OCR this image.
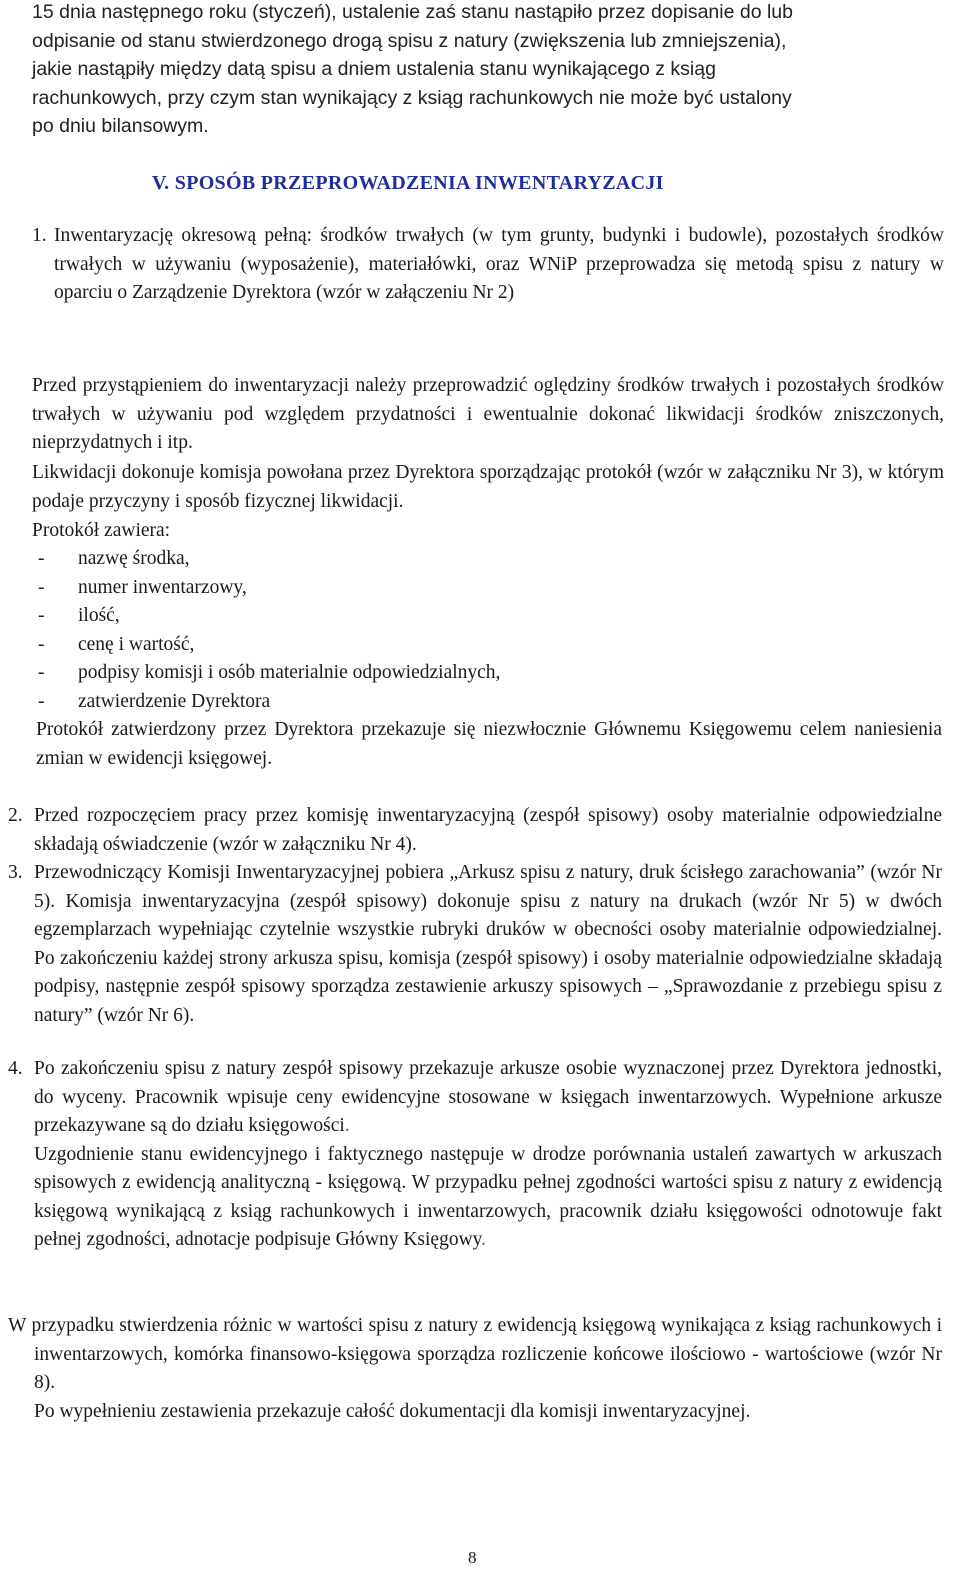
15 dnia następnego roku (styczeń), ustalenie zaś stanu nastąpiło przez dopisanie do lub
odpisanie od stanu stwierdzonego drogą spisu z natury (zwiększenia lub zmniejszenia),
jakie nastąpiły między datą spisu a dniem ustalenia stanu wynikającego z ksiąg
rachunkowych, przy czym stan wynikający z ksiąg rachunkowych nie może być ustalony
po dniu bilansowym.
V. SPOSÓB PRZEPROWADZENIA INWENTARYZACJI
1. Inwentaryzację okresową pełną: środków trwałych (w tym grunty, budynki i budowle), pozostałych środków trwałych w używaniu (wyposażenie), materiałówki, oraz WNiP przeprowadza się metodą spisu z natury w oparciu o Zarządzenie Dyrektora (wzór w załączeniu Nr 2)

Przed przystąpieniem do inwentaryzacji należy przeprowadzić oględziny środków trwałych i pozostałych środków trwałych w używaniu pod względem przydatności i ewentualnie dokonać likwidacji środków zniszczonych, nieprzydatnych i itp.
Likwidacji dokonuje komisja powołana przez Dyrektora sporządzając protokół (wzór w załączniku Nr 3), w którym podaje przyczyny i sposób fizycznej likwidacji.
Protokół zawiera:
-	nazwę środka,
-	numer inwentarzowy,
-	ilość,
-	cenę i wartość,
-	podpisy komisji i osób materialnie odpowiedzialnych,
-	zatwierdzenie Dyrektora
Protokół zatwierdzony przez Dyrektora przekazuje się niezwłocznie Głównemu Księgowemu celem naniesienia zmian w ewidencji księgowej.
2. Przed rozpoczęciem pracy przez komisję inwentaryzacyjną (zespół spisowy) osoby materialnie odpowiedzialne składają oświadczenie (wzór w załączniku Nr 4).

3. Przewodniczący Komisji Inwentaryzacyjnej pobiera „Arkusz spisu z natury, druk ścisłego zarachowania” (wzór Nr 5). Komisja inwentaryzacyjna (zespół spisowy) dokonuje spisu z natury na drukach (wzór Nr 5) w dwóch egzemplarzach wypełniając czytelnie wszystkie rubryki druków w obecności osoby materialnie odpowiedzialnej. Po zakończeniu każdej strony arkusza spisu, komisja (zespół spisowy) i osoby materialnie odpowiedzialne składają podpisy, następnie zespół spisowy sporządza zestawienie arkuszy spisowych – „Sprawozdanie z przebiegu spisu z natury” (wzór Nr 6).

4. Po zakończeniu spisu z natury zespół spisowy przekazuje arkusze osobie wyznaczonej przez Dyrektora jednostki, do wyceny. Pracownik wpisuje ceny ewidencyjne stosowane w księgach inwentarzowych. Wypełnione arkusze przekazywane są do działu księgowości.

Uzgodnienie stanu ewidencyjnego i faktycznego następuje w drodze porównania ustaleń zawartych w arkuszach spisowych z ewidencją analityczną - księgową. W przypadku pełnej zgodności wartości spisu z natury z ewidencją księgową wynikającą z ksiąg rachunkowych i inwentarzowych, pracownik działu księgowości odnotowuje fakt pełnej zgodności, adnotacje podpisuje Główny Księgowy.

W przypadku stwierdzenia różnic w wartości spisu z natury z ewidencją księgową wynikająca z ksiąg rachunkowych i inwentarzowych, komórka finansowo-księgowa sporządza rozliczenie końcowe ilościowo - wartościowe (wzór Nr 8).

Po wypełnieniu zestawienia przekazuje całość dokumentacji dla komisji inwentaryzacyjnej.
8
